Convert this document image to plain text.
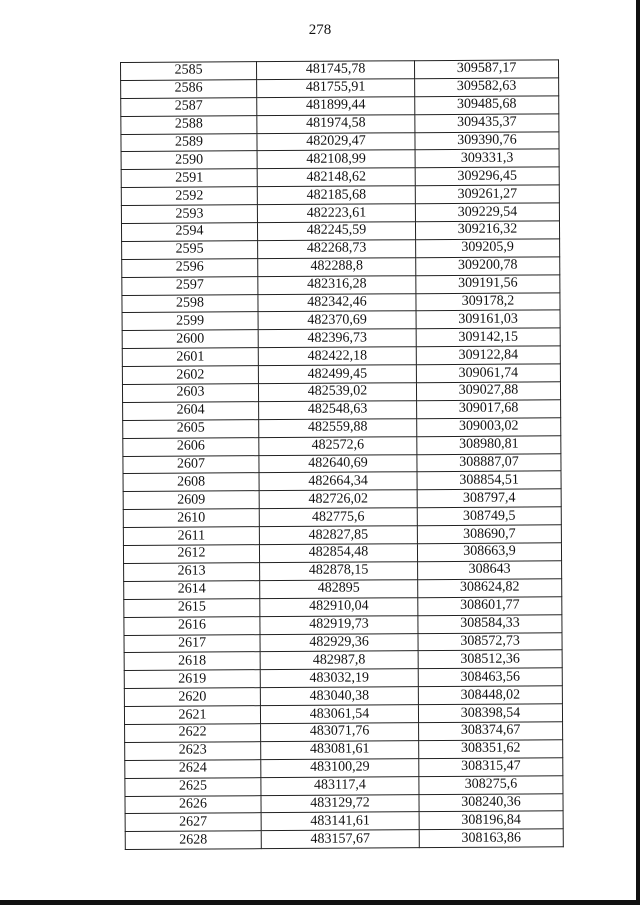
278
2585	481745,78	309587,17
2586	481755,91	309582,63
2587	481899,44	309485,68
2588	481974,58	309435,37
2589	482029,47	309390,76
2590	482108,99	309331,3
2591	482148,62	309296,45
2592	482185,68	309261,27
2593	482223,61	309229,54
2594	482245,59	309216,32
2595	482268,73	309205,9
2596	482288,8	309200,78
2597	482316,28	309191,56
2598	482342,46	309178,2
2599	482370,69	309161,03
2600	482396,73	309142,15
2601	482422,18	309122,84
2602	482499,45	309061,74
2603	482539,02	309027,88
2604	482548,63	309017,68
2605	482559,88	309003,02
2606	482572,6	308980,81
2607	482640,69	308887,07
2608	482664,34	308854,51
2609	482726,02	308797,4
2610	482775,6	308749,5
2611	482827,85	308690,7
2612	482854,48	308663,9
2613	482878,15	308643
2614	482895	308624,82
2615	482910,04	308601,77
2616	482919,73	308584,33
2617	482929,36	308572,73
2618	482987,8	308512,36
2619	483032,19	308463,56
2620	483040,38	308448,02
2621	483061,54	308398,54
2622	483071,76	308374,67
2623	483081,61	308351,62
2624	483100,29	308315,47
2625	483117,4	308275,6
2626	483129,72	308240,36
2627	483141,61	308196,84
2628	483157,67	308163,86
